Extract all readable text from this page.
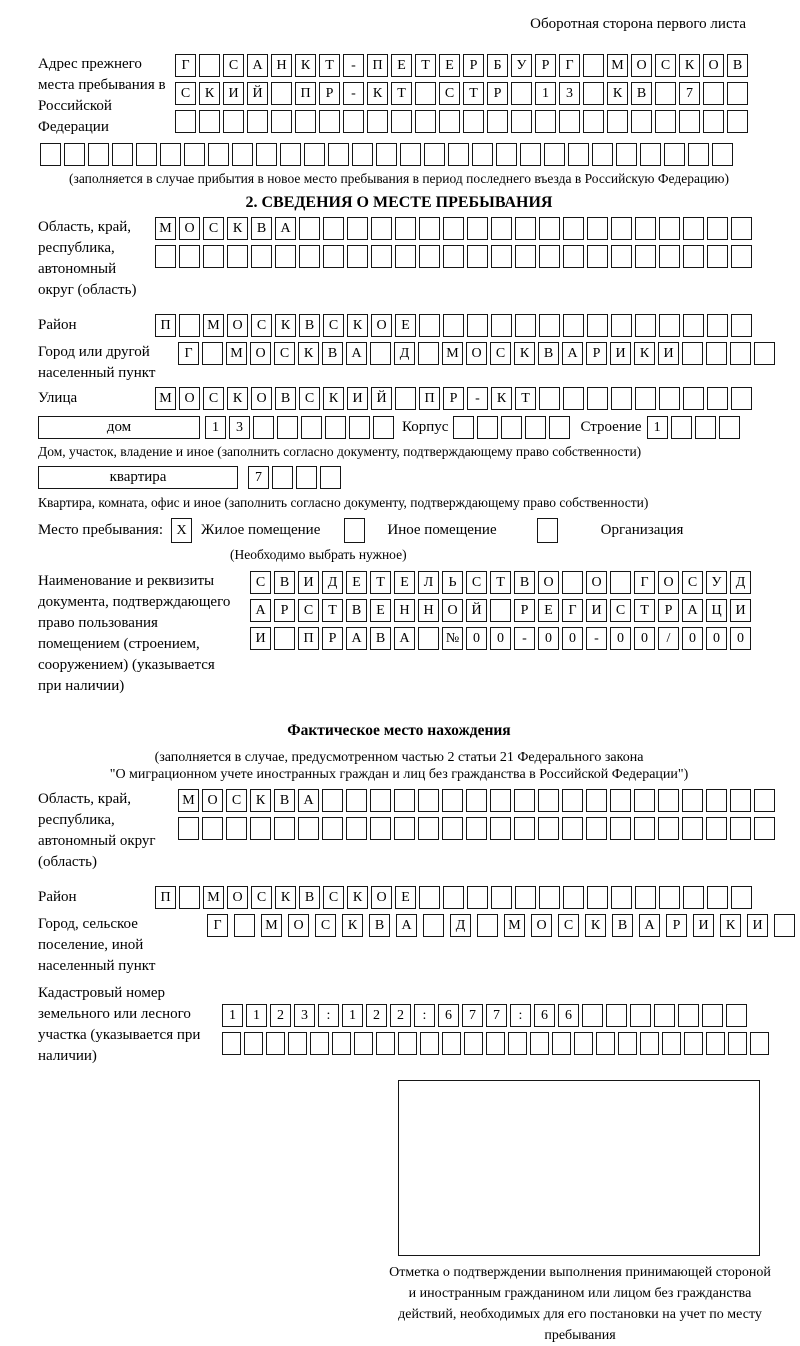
Оборотная сторона первого листа
Адрес прежнего места пребывания в Российской Федерации
Г	С	А Н	К	Т	-	П	Е	Т	Е	Р	Б	У	Р	Г	М О	С	К	О	В
С	К	И Й	П	Р	-	К	Т	С	Т	Р	1	3	К	В	7
(заполняется в случае прибытия в новое место пребывания в период последнего въезда в Российскую Федерацию)
2. СВЕДЕНИЯ О МЕСТЕ ПРЕБЫВАНИЯ
Область, край, республика, автономный округ (область)
М О	С	К	В	А
Район	П	М О	С	К	В	С	К	О	Е
Город или другой населенный пункт
Г	М О	С	К	В	А	Д	М О	С	К	В	А	Р	И	К	И
Улица	М О	С	К	О	В	С	К	И Й	П	Р	-	К	Т
дом	1	3	Корпус	Строение 1
Дом, участок, владение и иное (заполнить согласно документу, подтверждающему право собственности)
квартира	7
Квартира, комната, офис и иное (заполнить согласно документу, подтверждающему право собственности)
Место пребывания: X Жилое помещение	Иное помещение	Организация
(Необходимо выбрать нужное)
Наименование и реквизиты документа, подтверждающего право пользования помещением (строением, сооружением) (указывается при наличии)
С	В	И	Д	Е	Т	Е	Л	Ь	С	Т	В	О	О	Г	О	С	У	Д
А	Р	С	Т	В	Е	Н Н О Й	Р	Е	Г	И	С	Т	Р	А Ц И
И	П	Р	А	В	А	№ 0	0	-	0	0	-	0	0	/	0	0	0
Фактическое место нахождения
(заполняется в случае, предусмотренном частью 2 статьи 21 Федерального закона
"О миграционном учете иностранных граждан и лиц без гражданства в Российской Федерации")
Область, край, республика, автономный округ (область)
М О	С	К	В	А
Район	П	М О	С	К	В	С	К	О	Е
Город, сельское поселение, иной населенный пункт
Г	М	О	С	К	В	А	Д	М	О	С	К	В	А	Р	И	К	И
Кадастровый номер земельного или лесного участка (указывается при наличии)
1	1	2	3	:	1	2	2	:	6	7	7	:	6	6
Отметка о подтверждении выполнения принимающей стороной и иностранным гражданином или лицом без гражданства действий, необходимых для его постановки на учет по месту пребывания
